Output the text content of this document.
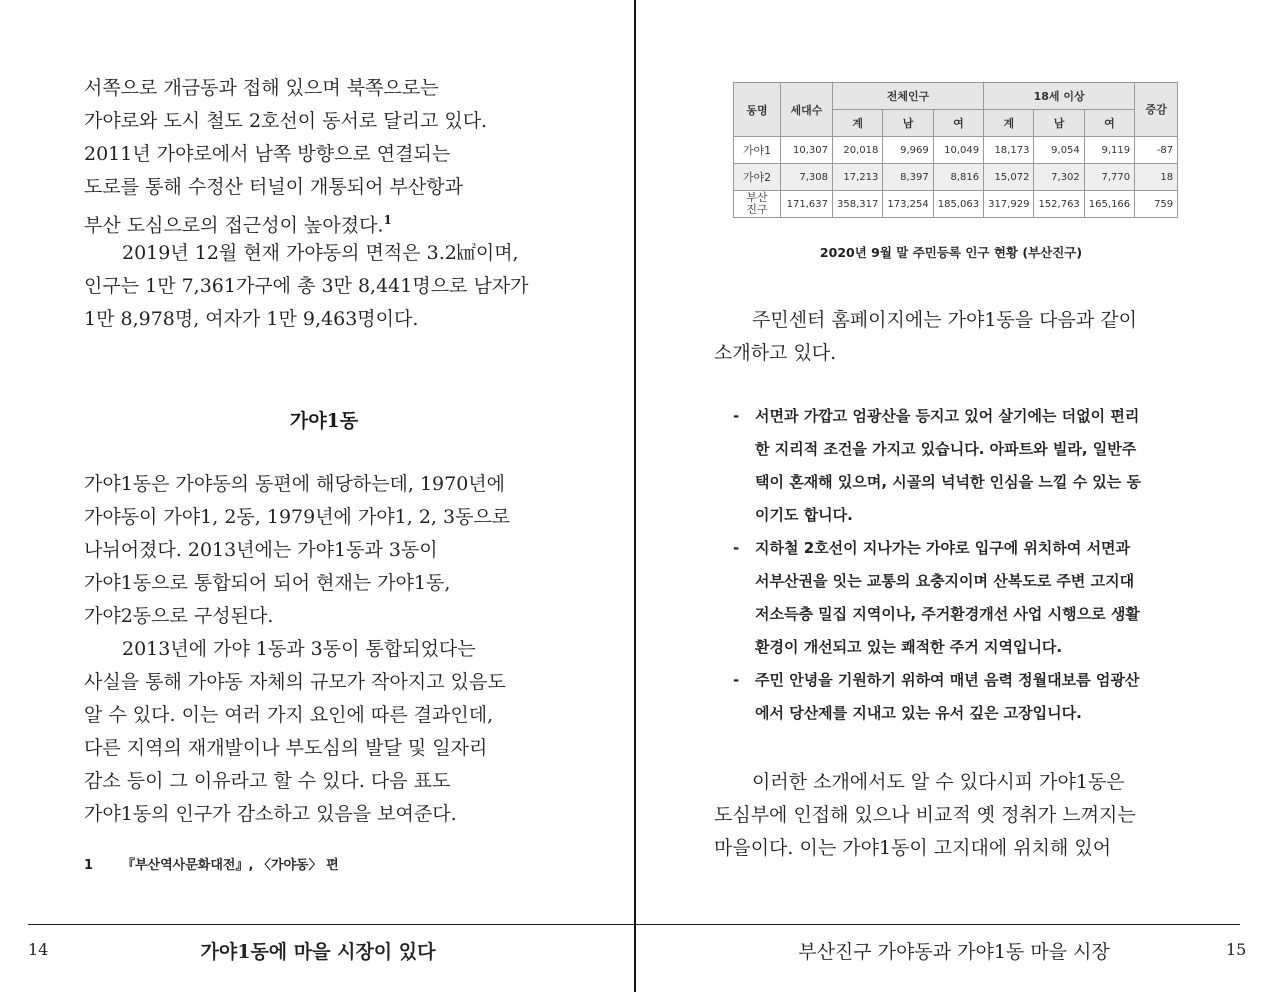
서쪽으로 개금동과 접해 있으며 북쪽으로는

가야로와 도시 철도 2호선이 동서로 달리고 있다.

2011년 가야로에서 남쪽 방향으로 연결되는

도로를 통해 수정산 터널이 개통되어 부산항과

부산 도심으로의 접근성이 높아졌다.$^1$

2019년 12월 현재 가야동의 면적은 3.2㎢이며,

인구는 1만 7,361가구에 총 3만 8,441명으로 남자가

1만 8,978명, 여자가 1만 9,463명이다.

가야1동

가야1동은 가야동의 동편에 해당하는데, 1970년에

가야동이 가야1, 2동, 1979년에 가야1, 2, 3동으로

나뉘어졌다. 2013년에는 가야1동과 3동이

가야1동으로 통합되어 되어 현재는 가야1동,

가야2동으로 구성된다.

2013년에 가야 1동과 3동이 통합되었다는

사실을 통해 가야동 자체의 규모가 작아지고 있음도

알 수 있다. 이는 여러 가지 요인에 따른 결과인데,

다른 지역의 재개발이나 부도심의 발달 및 일자리

감소 등이 그 이유라고 할 수 있다. 다음 표도

가야1동의 인구가 감소하고 있음을 보여준다.

1 『부산역사문화대전』, 〈가야동〉 편
14	가야1동에 마을 시장이 있다
동명	세대수	전체인구			18세 이상			증감
		계	남	여	계	남	여	
가야1	10,307	20,018	9,969	10,049	18,173	9,054	9,119	-87
가야2	7,308	17,213	8,397	8,816	15,072	7,302	7,770	18
부산진구	171,637	358,317	173,254	185,063	317,929	152,763	165,166	759
2020년 9월 말 주민등록 인구 현황 (부산진구)

주민센터 홈페이지에는 가야1동을 다음과 같이

소개하고 있다.

- 서면과 가깝고 엄광산을 등지고 있어 살기에는 더없이 편리
한 지리적 조건을 가지고 있습니다. 아파트와 빌라, 일반주
택이 혼재해 있으며, 시골의 넉넉한 인심을 느낄 수 있는 동
이기도 합니다.
- 지하철 2호선이 지나가는 가야로 입구에 위치하여 서면과
서부산권을 잇는 교통의 요충지이며 산복도로 주변 고지대
저소득층 밀집 지역이나, 주거환경개선 사업 시행으로 생활
환경이 개선되고 있는 쾌적한 주거 지역입니다.
- 주민 안녕을 기원하기 위하여 매년 음력 정월대보름 엄광산
에서 당산제를 지내고 있는 유서 깊은 고장입니다.

이러한 소개에서도 알 수 있다시피 가야1동은

도심부에 인접해 있으나 비교적 옛 정취가 느껴지는

마을이다. 이는 가야1동이 고지대에 위치해 있어

부산진구 가야동과 가야1동 마을 시장	15
